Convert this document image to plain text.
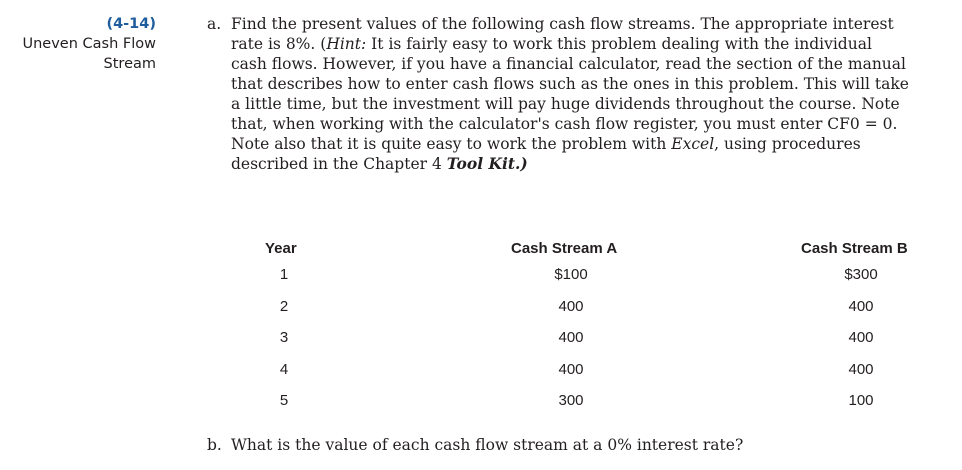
(4-14)
Uneven Cash Flow
Stream
a. Find the present values of the following cash flow streams. The appropriate interest
rate is 8%. (Hint: It is fairly easy to work this problem dealing with the individual
cash flows. However, if you have a financial calculator, read the section of the manual
that describes how to enter cash flows such as the ones in this problem. This will take
a little time, but the investment will pay huge dividends throughout the course. Note
that, when working with the calculator's cash flow register, you must enter CF0 = 0.
Note also that it is quite easy to work the problem with Excel, using procedures
described in the Chapter 4 Tool Kit.)
Year	Cash Stream A	Cash Stream B
1	$100	$300
2	400	400
3	400	400
4	400	400
5	300	100
b. What is the value of each cash flow stream at a 0% interest rate?
